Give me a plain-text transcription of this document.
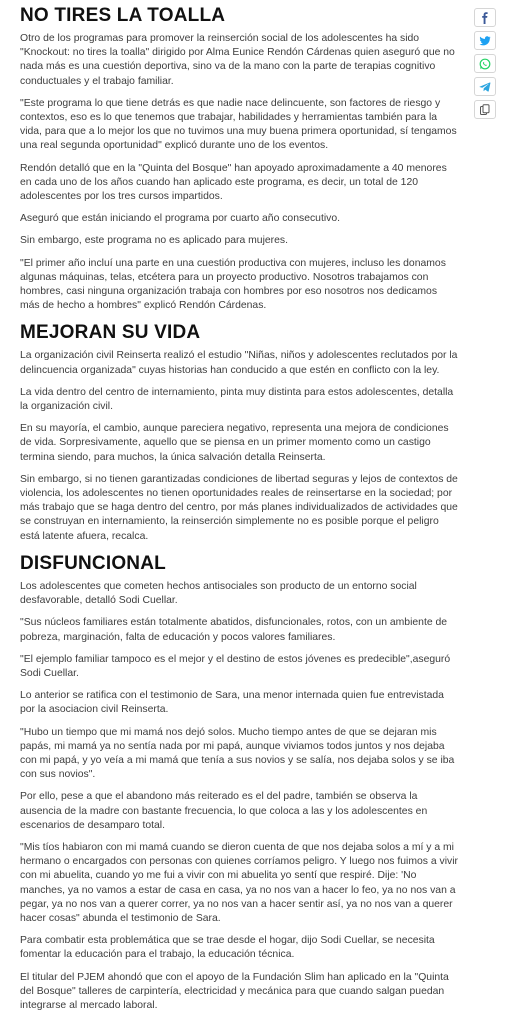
NO TIRES LA TOALLA

Otro de los programas para promover la reinserción social de los adolescentes ha sido "Knockout: no tires la toalla" dirigido por Alma Eunice Rendón Cárdenas quien aseguró que no nada más es una cuestión deportiva, sino va de la mano con la parte de terapias cognitivo conductuales y el trabajo familiar.

"Este programa lo que tiene detrás es que nadie nace delincuente, son factores de riesgo y contextos, eso es lo que tenemos que trabajar, habilidades y herramientas también para la vida, para que a lo mejor los que no tuvimos una muy buena primera oportunidad, sí tengamos una real segunda oportunidad" explicó durante uno de los eventos.

Rendón detalló que en la "Quinta del Bosque" han apoyado aproximadamente a 40 menores en cada uno de los años cuando han aplicado este programa, es decir, un total de 120 adolescentes por los tres cursos impartidos.

Aseguró que están iniciando el programa por cuarto año consecutivo.

Sin embargo, este programa no es aplicado para mujeres.

"El primer año incluí una parte en una cuestión productiva con mujeres, incluso les donamos algunas máquinas, telas, etcétera para un proyecto productivo. Nosotros trabajamos con hombres, casi ninguna organización trabaja con hombres por eso nosotros nos dedicamos más de hecho a hombres" explicó Rendón Cárdenas.

MEJORAN SU VIDA

La organización civil Reinserta realizó el estudio "Niñas, niños y adolescentes reclutados por la delincuencia organizada" cuyas historias han conducido a que estén en conflicto con la ley.

La vida dentro del centro de internamiento, pinta muy distinta para estos adolescentes, detalla la organización civil.

En su mayoría, el cambio, aunque pareciera negativo, representa una mejora de condiciones de vida. Sorpresivamente, aquello que se piensa en un primer momento como un castigo termina siendo, para muchos, la única salvación detalla Reinserta.

Sin embargo, si no tienen garantizadas condiciones de libertad seguras y lejos de contextos de violencia, los adolescentes no tienen oportunidades reales de reinsertarse en la sociedad; por más trabajo que se haga dentro del centro, por más planes individualizados de actividades que se construyan en internamiento, la reinserción simplemente no es posible porque el peligro está latente afuera, recalca.

DISFUNCIONAL

Los adolescentes que cometen hechos antisociales son producto de un entorno social desfavorable, detalló Sodi Cuellar.

"Sus núcleos familiares están totalmente abatidos, disfuncionales, rotos, con un ambiente de pobreza, marginación, falta de educación y pocos valores familiares.

"El ejemplo familiar tampoco es el mejor y el destino de estos jóvenes es predecible",aseguró Sodi Cuellar.

Lo anterior se ratifica con el testimonio de Sara, una menor internada quien fue entrevistada por la asociacion civil Reinserta.

"Hubo un tiempo que mi mamá nos dejó solos. Mucho tiempo antes de que se dejaran mis papás, mi mamá ya no sentía nada por mi papá, aunque viviamos todos juntos y nos dejaba con mi papá, y yo veía a mi mamá que tenía a sus novios y se salía, nos dejaba solos y se iba con sus novios".

Por ello, pese a que el abandono más reiterado es el del padre, también se observa la ausencia de la madre con bastante frecuencia, lo que coloca a las y los adolescentes en escenarios de desamparo total.

"Mis tíos habiaron con mi mamá cuando se dieron cuenta de que nos dejaba solos a mí y a mi hermano o encargados con personas con quienes corríamos peligro. Y luego nos fuimos a vivir con mi abuelita, cuando yo me fui a vivir con mi abuelita yo sentí que respiré. Dije: 'No manches, ya no vamos a estar de casa en casa, ya no nos van a hacer lo feo, ya no nos van a pegar, ya no nos van a querer correr, ya no nos van a hacer sentir así, ya no nos van a querer hacer cosas" abunda el testimonio de Sara.

Para combatir esta problemática que se trae desde el hogar, dijo Sodi Cuellar, se necesita fomentar la educación para el trabajo, la educación técnica.

El titular del PJEM ahondó que con el apoyo de la Fundación Slim han aplicado en la "Quinta del Bosque" talleres de carpintería, electricidad y mecánica para que cuando salgan puedan integrarse al mercado laboral.
